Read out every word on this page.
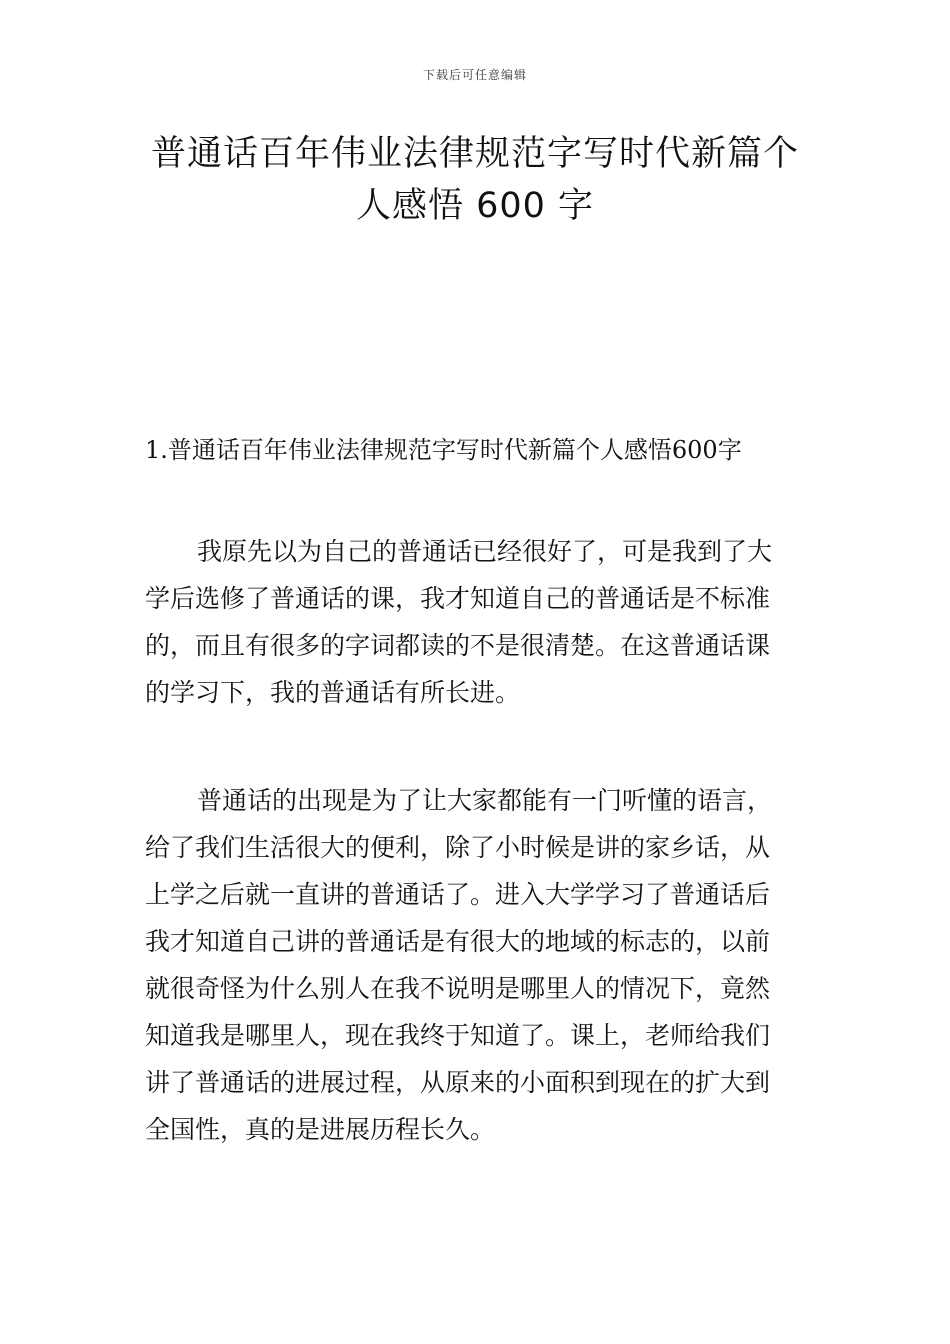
下载后可任意编辑
普通话百年伟业法律规范字写时代新篇个
人感悟 600 字
1.普通话百年伟业法律规范字写时代新篇个人感悟600字
我原先以为自己的普通话已经很好了，可是我到了大
学后选修了普通话的课，我才知道自己的普通话是不标准
的，而且有很多的字词都读的不是很清楚。在这普通话课
的学习下，我的普通话有所长进。
普通话的出现是为了让大家都能有一门听懂的语言，
给了我们生活很大的便利，除了小时候是讲的家乡话，从
上学之后就一直讲的普通话了。进入大学学习了普通话后
我才知道自己讲的普通话是有很大的地域的标志的，以前
就很奇怪为什么别人在我不说明是哪里人的情况下，竟然
知道我是哪里人，现在我终于知道了。课上，老师给我们
讲了普通话的进展过程，从原来的小面积到现在的扩大到
全国性，真的是进展历程长久。
